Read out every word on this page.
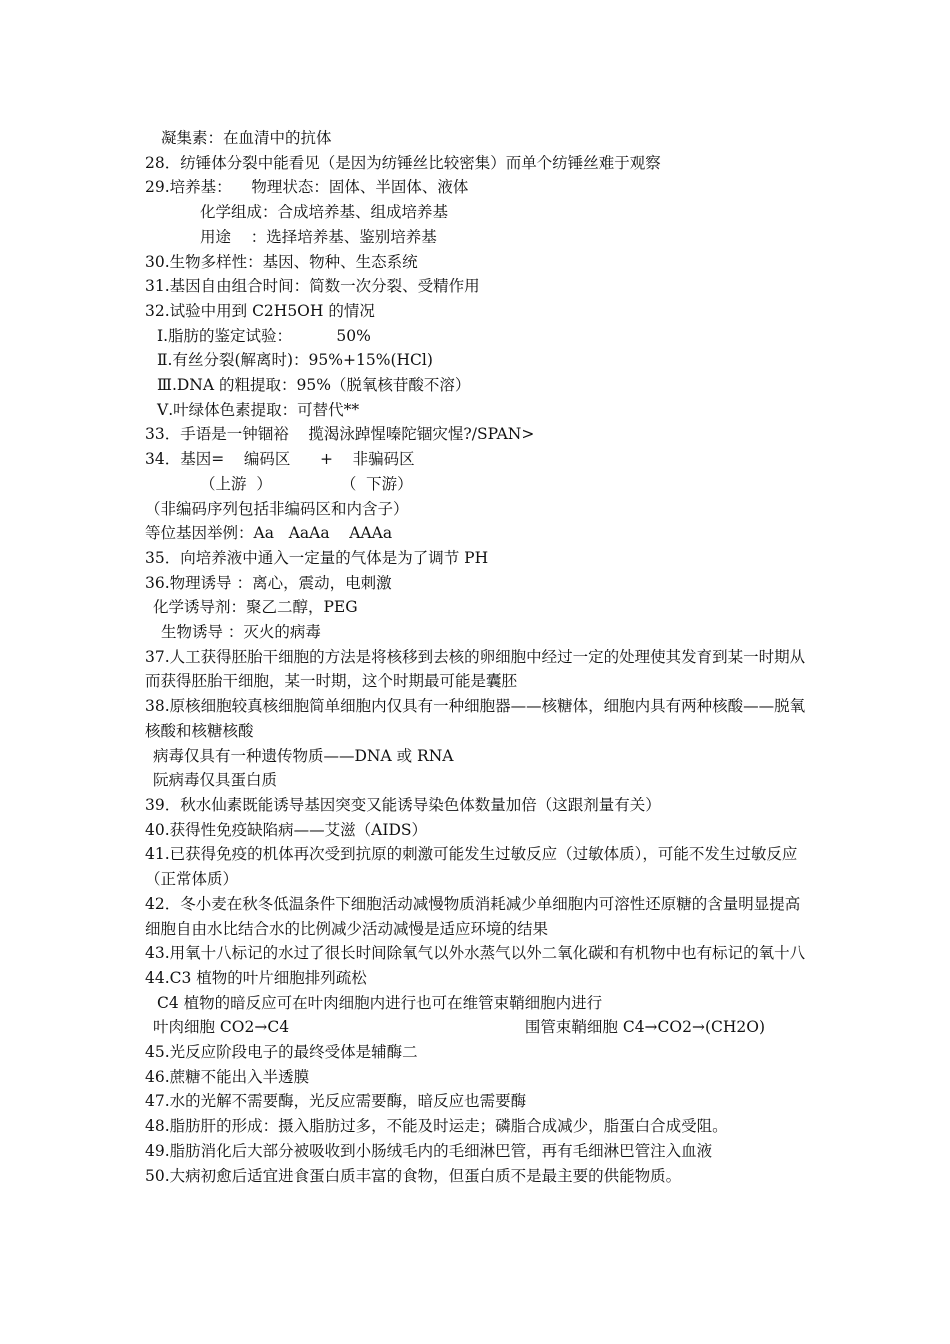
凝集素：在血清中的抗体
28．纺锤体分裂中能看见（是因为纺锤丝比较密集）而单个纺锤丝难于观察
29.培养基：    物理状态：固体、半固体、液体
化学组成：合成培养基、组成培养基
用途    ：选择培养基、鉴别培养基
30.生物多样性：基因、物种、生态系统
31.基因自由组合时间：简数一次分裂、受精作用
32.试验中用到 C2H5OH 的情况
Ⅰ.脂肪的鉴定试验：         50%
Ⅱ.有丝分裂(解离时)：95%+15%(HCl)
Ⅲ.DNA 的粗提取：95%（脱氧核苷酸不溶）
Ⅴ.叶绿体色素提取：可替代**
33．手语是一钟锢裕    揽渴泳踔惺嗪陀锢灾惺?/SPAN>
34．基因=    编码区      +    非骗码区
（上游  ）              （  下游）
（非编码序列包括非编码区和内含子）
等位基因举例：Aa   AaAa    AAAa
35．向培养液中通入一定量的气体是为了调节 PH
36.物理诱导 ：离心，震动，电刺激
化学诱导剂：聚乙二醇，PEG
生物诱导 ：灭火的病毒
37.人工获得胚胎干细胞的方法是将核移到去核的卵细胞中经过一定的处理使其发育到某一时期从而获得胚胎干细胞，某一时期，这个时期最可能是囊胚
38.原核细胞较真核细胞简单细胞内仅具有一种细胞器——核糖体，细胞内具有两种核酸——脱氧核酸和核糖核酸
病毒仅具有一种遗传物质——DNA 或 RNA
阮病毒仅具蛋白质
39．秋水仙素既能诱导基因突变又能诱导染色体数量加倍（这跟剂量有关）
40.获得性免疫缺陷病——艾滋（AIDS）
41.已获得免疫的机体再次受到抗原的刺激可能发生过敏反应（过敏体质），可能不发生过敏反应（正常体质）
42．冬小麦在秋冬低温条件下细胞活动减慢物质消耗减少单细胞内可溶性还原糖的含量明显提高细胞自由水比结合水的比例减少活动减慢是适应环境的结果
43.用氧十八标记的水过了很长时间除氧气以外水蒸气以外二氧化碳和有机物中也有标记的氧十八
44.C3 植物的叶片细胞排列疏松
C4 植物的暗反应可在叶肉细胞内进行也可在维管束鞘细胞内进行
叶肉细胞 CO2→C4	围管束鞘细胞 C4→CO2→(CH2O)
45.光反应阶段电子的最终受体是辅酶二
46.蔗糖不能出入半透膜
47.水的光解不需要酶，光反应需要酶，暗反应也需要酶
48.脂肪肝的形成：摄入脂肪过多，不能及时运走；磷脂合成减少，脂蛋白合成受阻。
49.脂肪消化后大部分被吸收到小肠绒毛内的毛细淋巴管，再有毛细淋巴管注入血液
50.大病初愈后适宜进食蛋白质丰富的食物，但蛋白质不是最主要的供能物质。
